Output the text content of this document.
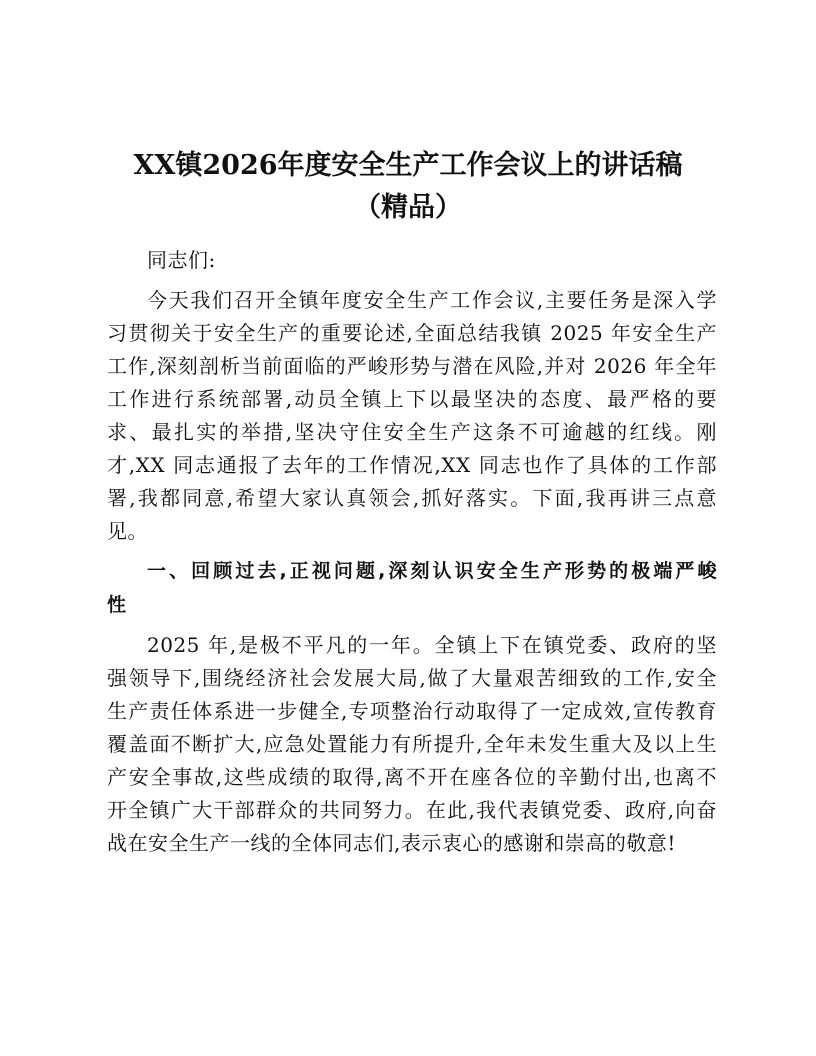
XX镇2026年度安全生产工作会议上的讲话稿
（精品）
同志们:
今天我们召开全镇年度安全生产工作会议,主要任务是深入学
习贯彻关于安全生产的重要论述,全面总结我镇 2025 年安全生产
工作,深刻剖析当前面临的严峻形势与潜在风险,并对 2026 年全年
工作进行系统部署,动员全镇上下以最坚决的态度、最严格的要
求、最扎实的举措,坚决守住安全生产这条不可逾越的红线。刚
才,XX 同志通报了去年的工作情况,XX 同志也作了具体的工作部
署,我都同意,希望大家认真领会,抓好落实。下面,我再讲三点意
见。
一、回顾过去,正视问题,深刻认识安全生产形势的极端严峻
性
2025 年,是极不平凡的一年。全镇上下在镇党委、政府的坚
强领导下,围绕经济社会发展大局,做了大量艰苦细致的工作,安全
生产责任体系进一步健全,专项整治行动取得了一定成效,宣传教育
覆盖面不断扩大,应急处置能力有所提升,全年未发生重大及以上生
产安全事故,这些成绩的取得,离不开在座各位的辛勤付出,也离不
开全镇广大干部群众的共同努力。在此,我代表镇党委、政府,向奋
战在安全生产一线的全体同志们,表示衷心的感谢和崇高的敬意!
